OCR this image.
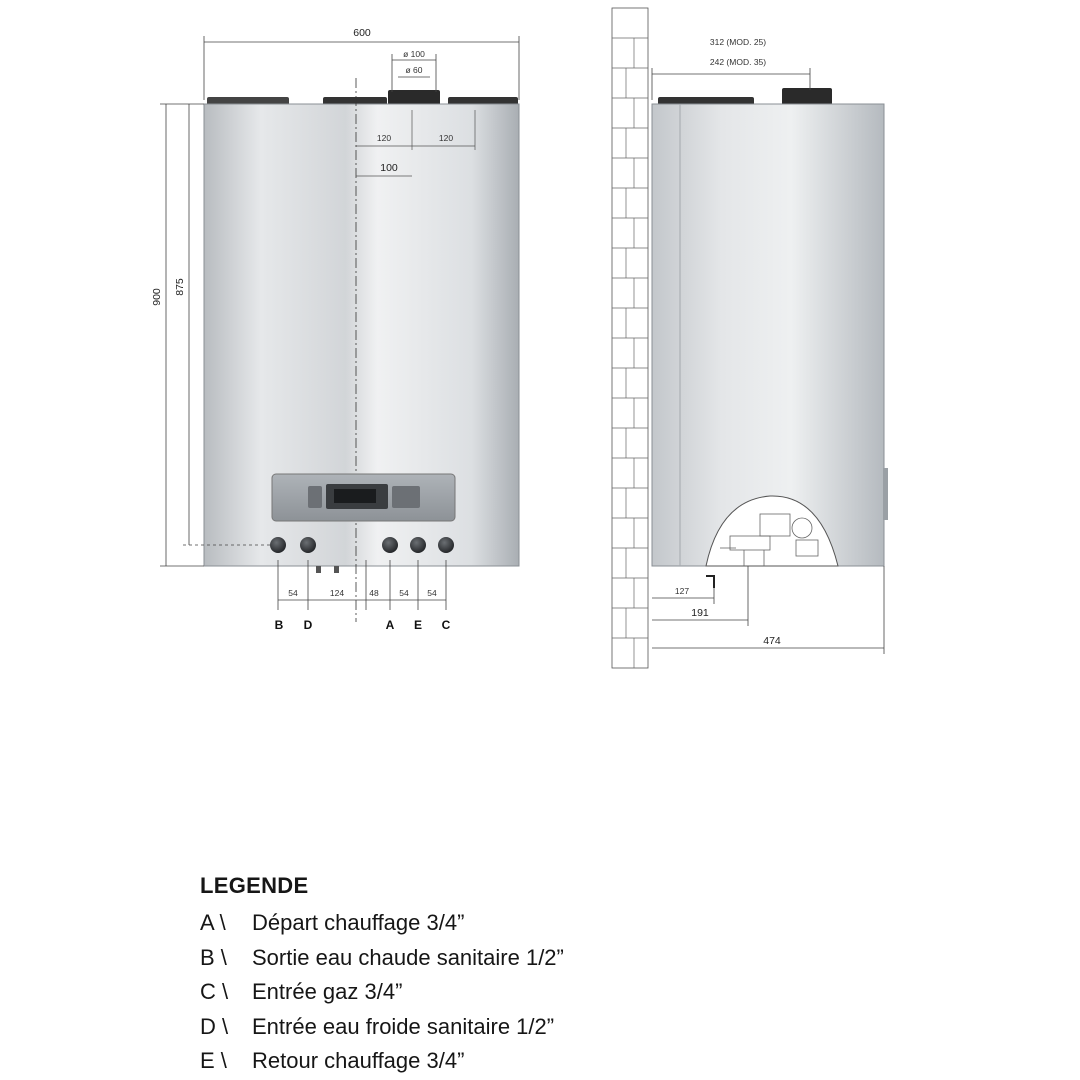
600
ø 100
ø 60
900
875
120	120
100
54	124	48 54 54
B D	A E C
312 (MOD. 25)
242 (MOD. 35)
127
191
474
LEGENDE
A \ Départ chauffage 3/4”
B \ Sortie eau chaude sanitaire 1/2”
C \ Entrée gaz 3/4”
D \ Entrée eau froide sanitaire 1/2”
E \ Retour chauffage 3/4”
